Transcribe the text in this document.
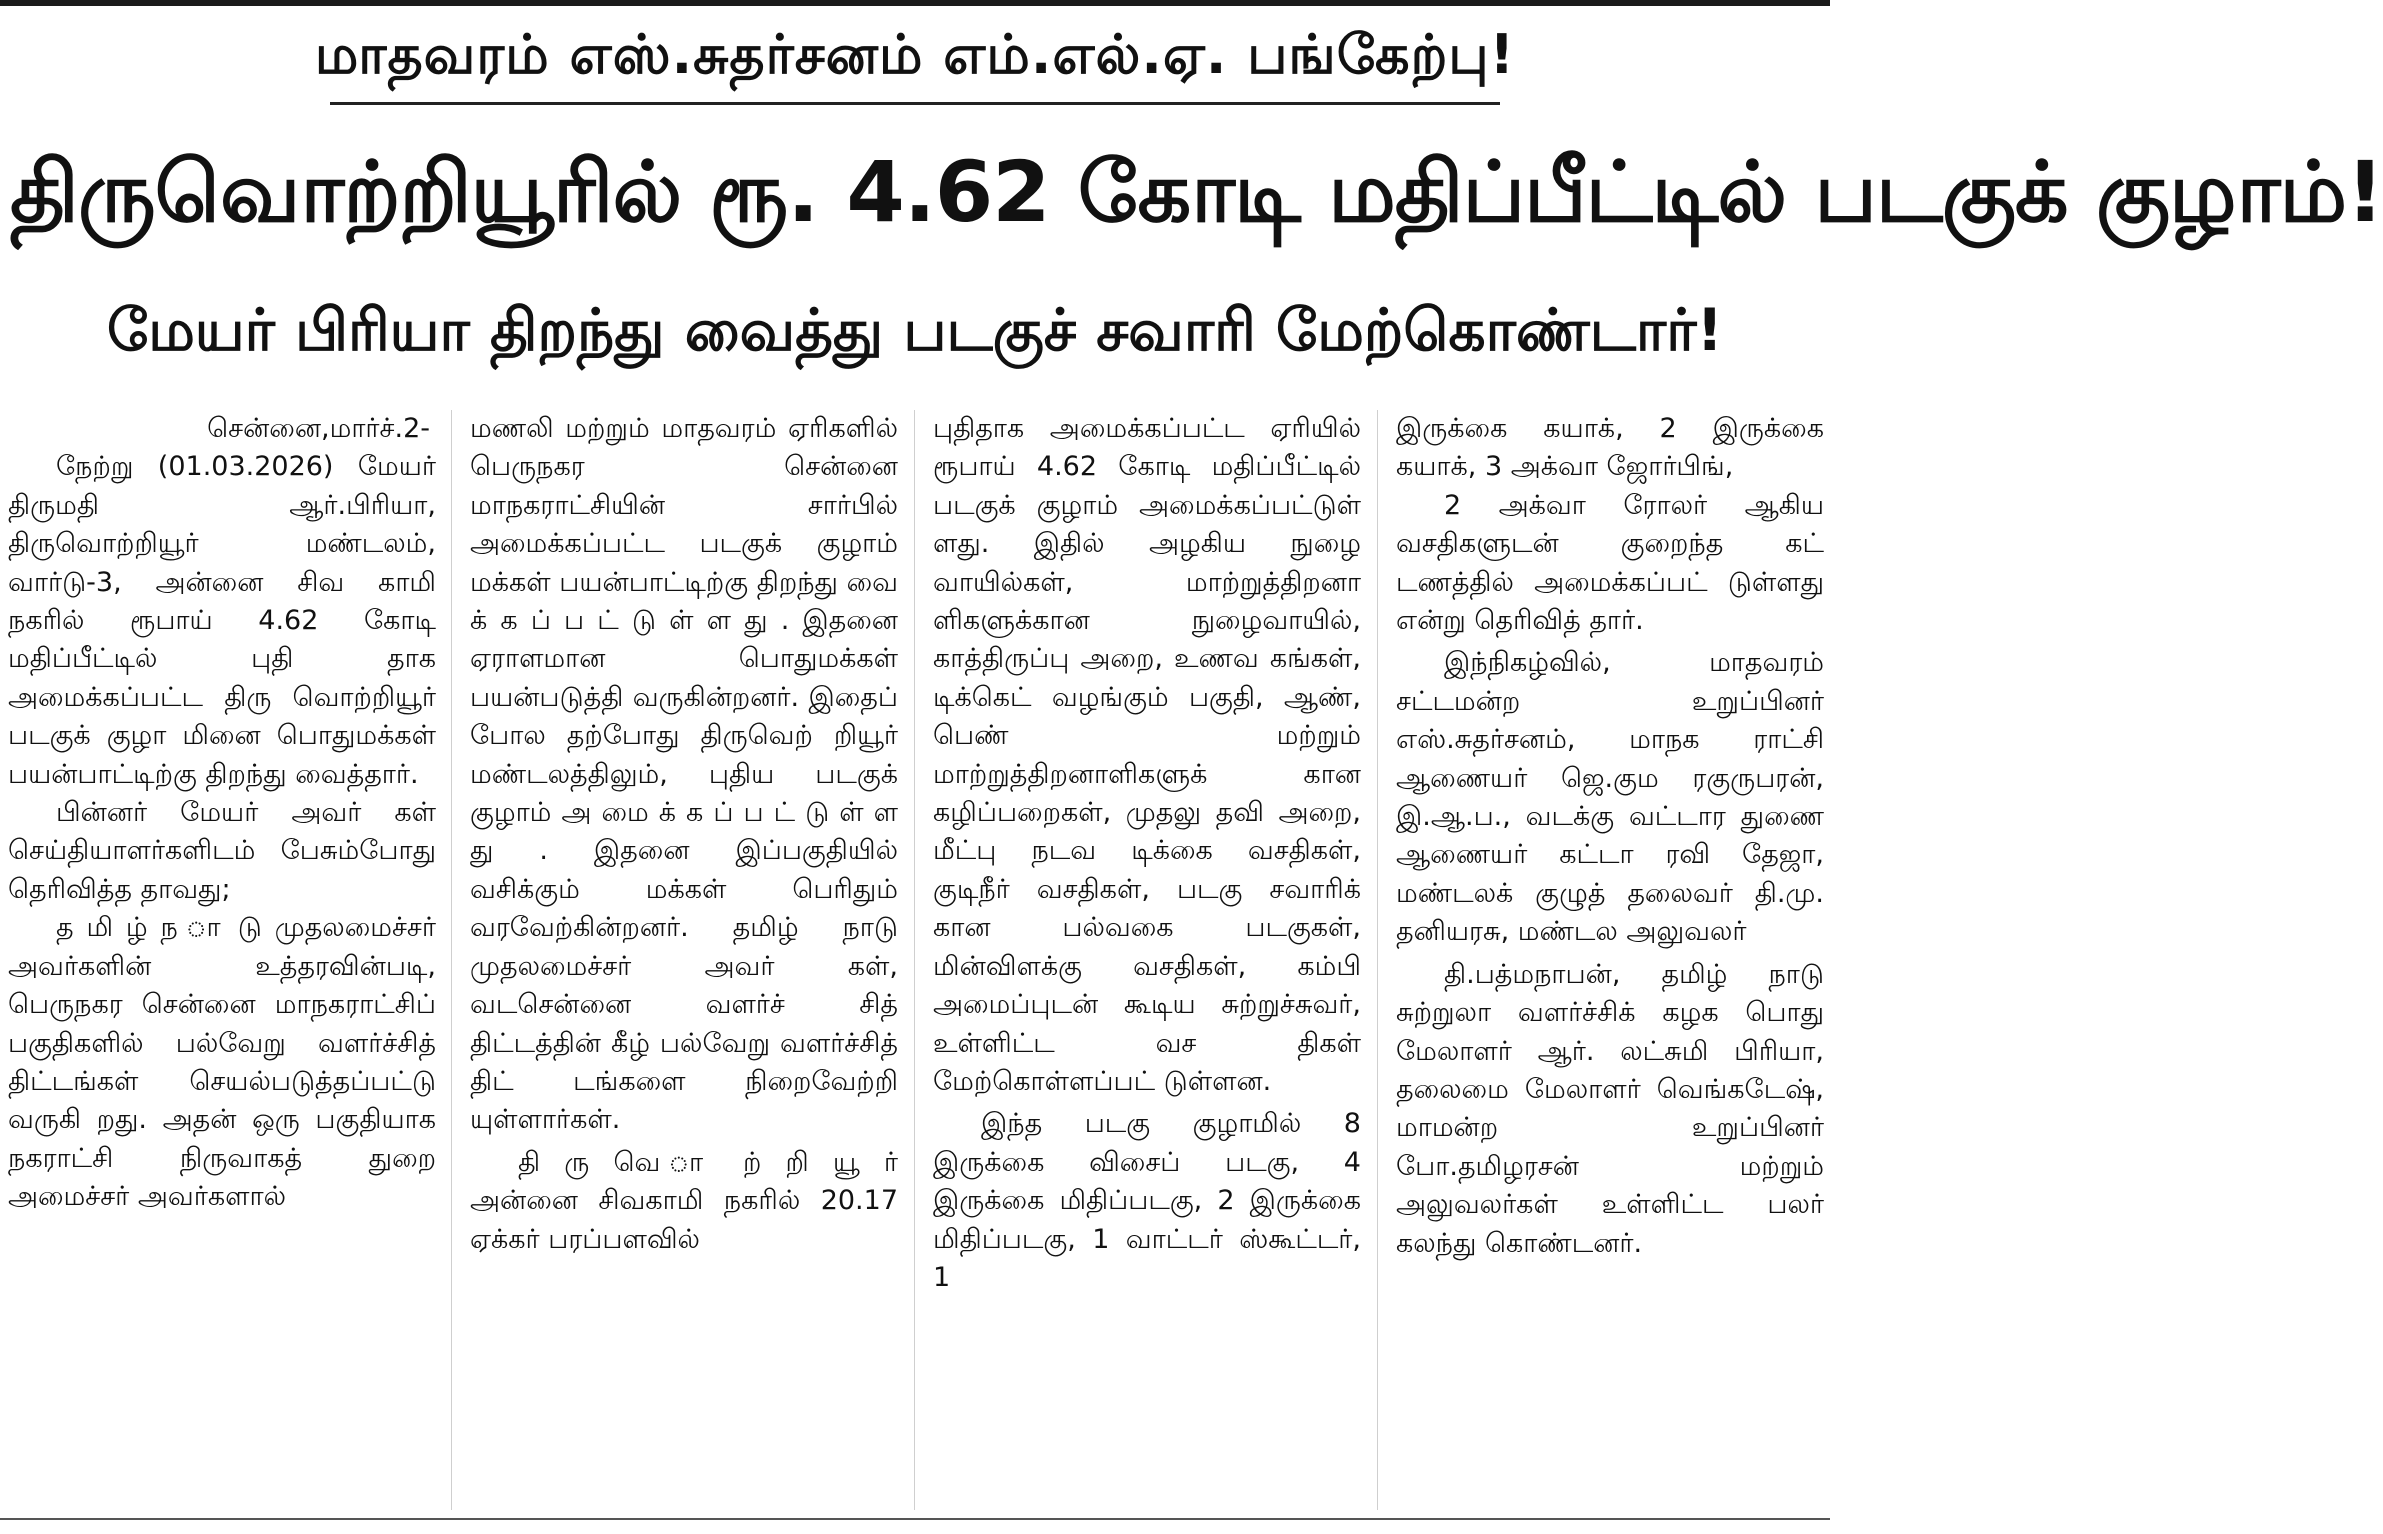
மாதவரம் எஸ்.சுதர்சனம் எம்.எல்.ஏ. பங்கேற்பு!
திருவொற்றியூரில் ரூ. 4.62 கோடி மதிப்பீட்டில் படகுக் குழாம்!
மேயர் பிரியா திறந்து வைத்து படகுச் சவாரி மேற்கொண்டார்!

சென்னை,மார்ச்.2-

நேற்று (01.03.2026) மேயர் திருமதி ஆர்.பிரியா, திருவொற்றியூர் மண்டலம், வார்டு-3, அன்னை சிவ காமி நகரில் ரூபாய் 4.62 கோடி மதிப்பீட்டில் புதி தாக அமைக்கப்பட்ட திரு வொற்றியூர் படகுக் குழா மினை பொதுமக்கள் பயன்பாட்டிற்கு திறந்து வைத்தார்.

பின்னர் மேயர் அவர் கள் செய்தியாளர்களிடம் பேசும்போது தெரிவித்த தாவது;

த மி ழ் ந ா டு முதலமைச்சர் அவர்களின் உத்தரவின்படி, பெருநகர சென்னை மாநகராட்சிப் பகுதிகளில் பல்வேறு வளர்ச்சித் திட்டங்கள் செயல்படுத்தப்பட்டு வருகி றது. அதன் ஒரு பகுதியாக நகராட்சி நிருவாகத் துறை அமைச்சர் அவர்களால்

மணலி மற்றும் மாதவரம் ஏரிகளில் பெருநகர சென்னை மாநகராட்சியின் சார்பில் அமைக்கப்பட்ட படகுக் குழாம் மக்கள் பயன்பாட்டிற்கு திறந்து வை க் க ப் ப ட் டு ள் ள து . இதனை ஏராளமான பொதுமக்கள் பயன்படுத்தி வருகின்றனர். இதைப் போல தற்போது திருவெற் றியூர் மண்டலத்திலும், புதிய படகுக் குழாம் அ மை க் க ப் ப ட் டு ள் ள து . இதனை இப்பகுதியில் வசிக்கும் மக்கள் பெரிதும் வரவேற்கின்றனர். தமிழ் நாடு முதலமைச்சர் அவர் கள், வடசென்னை வளர்ச் சித் திட்டத்தின் கீழ் பல்வேறு வளர்ச்சித் திட் டங்களை நிறைவேற்றி யுள்ளார்கள்.

தி ரு வெ ா ற் றி யூ ர் அன்னை சிவகாமி நகரில் 20.17 ஏக்கர் பரப்பளவில்

புதிதாக அமைக்கப்பட்ட ஏரியில் ரூபாய் 4.62 கோடி மதிப்பீட்டில் படகுக் குழாம் அமைக்கப்பட்டுள் ளது. இதில் அழகிய நுழை வாயில்கள், மாற்றுத்திறனா ளிகளுக்கான நுழைவாயில், காத்திருப்பு அறை, உணவ கங்கள், டிக்கெட் வழங்கும் பகுதி, ஆண், பெண் மற்றும் மாற்றுத்திறனாளிகளுக் கான கழிப்பறைகள், முதலு தவி அறை, மீட்பு நடவ டிக்கை வசதிகள், குடிநீர் வசதிகள், படகு சவாரிக் கான பல்வகை படகுகள், மின்விளக்கு வசதிகள், கம்பி அமைப்புடன் கூடிய சுற்றுச்சுவர், உள்ளிட்ட வச திகள் மேற்கொள்ளப்பட் டுள்ளன.

இந்த படகு குழாமில் 8 இருக்கை விசைப் படகு, 4 இருக்கை மிதிப்படகு, 2 இருக்கை மிதிப்படகு, 1 வாட்டர் ஸ்கூட்டர், 1

இருக்கை கயாக், 2 இருக்கை கயாக், 3 அக்வா ஜோர்பிங்,

2 அக்வா ரோலர் ஆகிய வசதிகளுடன் குறைந்த கட் டணத்தில் அமைக்கப்பட் டுள்ளது என்று தெரிவித் தார்.

இந்நிகழ்வில், மாதவரம் சட்டமன்ற உறுப்பினர் எஸ்.சுதர்சனம், மாநக ராட்சி ஆணையர் ஜெ.கும ரகுருபரன், இ.ஆ.ப., வடக்கு வட்டார துணை ஆணையர் கட்டா ரவி தேஜா, மண்டலக் குழுத் தலைவர் தி.மு. தனியரசு, மண்டல அலுவலர்

தி.பத்மநாபன், தமிழ் நாடு சுற்றுலா வளர்ச்சிக் கழக பொது மேலாளர் ஆர். லட்சுமி பிரியா, தலைமை மேலாளர் வெங்கடேஷ், மாமன்ற உறுப்பினர் போ.தமிழரசன் மற்றும் அலுவலர்கள் உள்ளிட்ட பலர் கலந்து கொண்டனர்.
